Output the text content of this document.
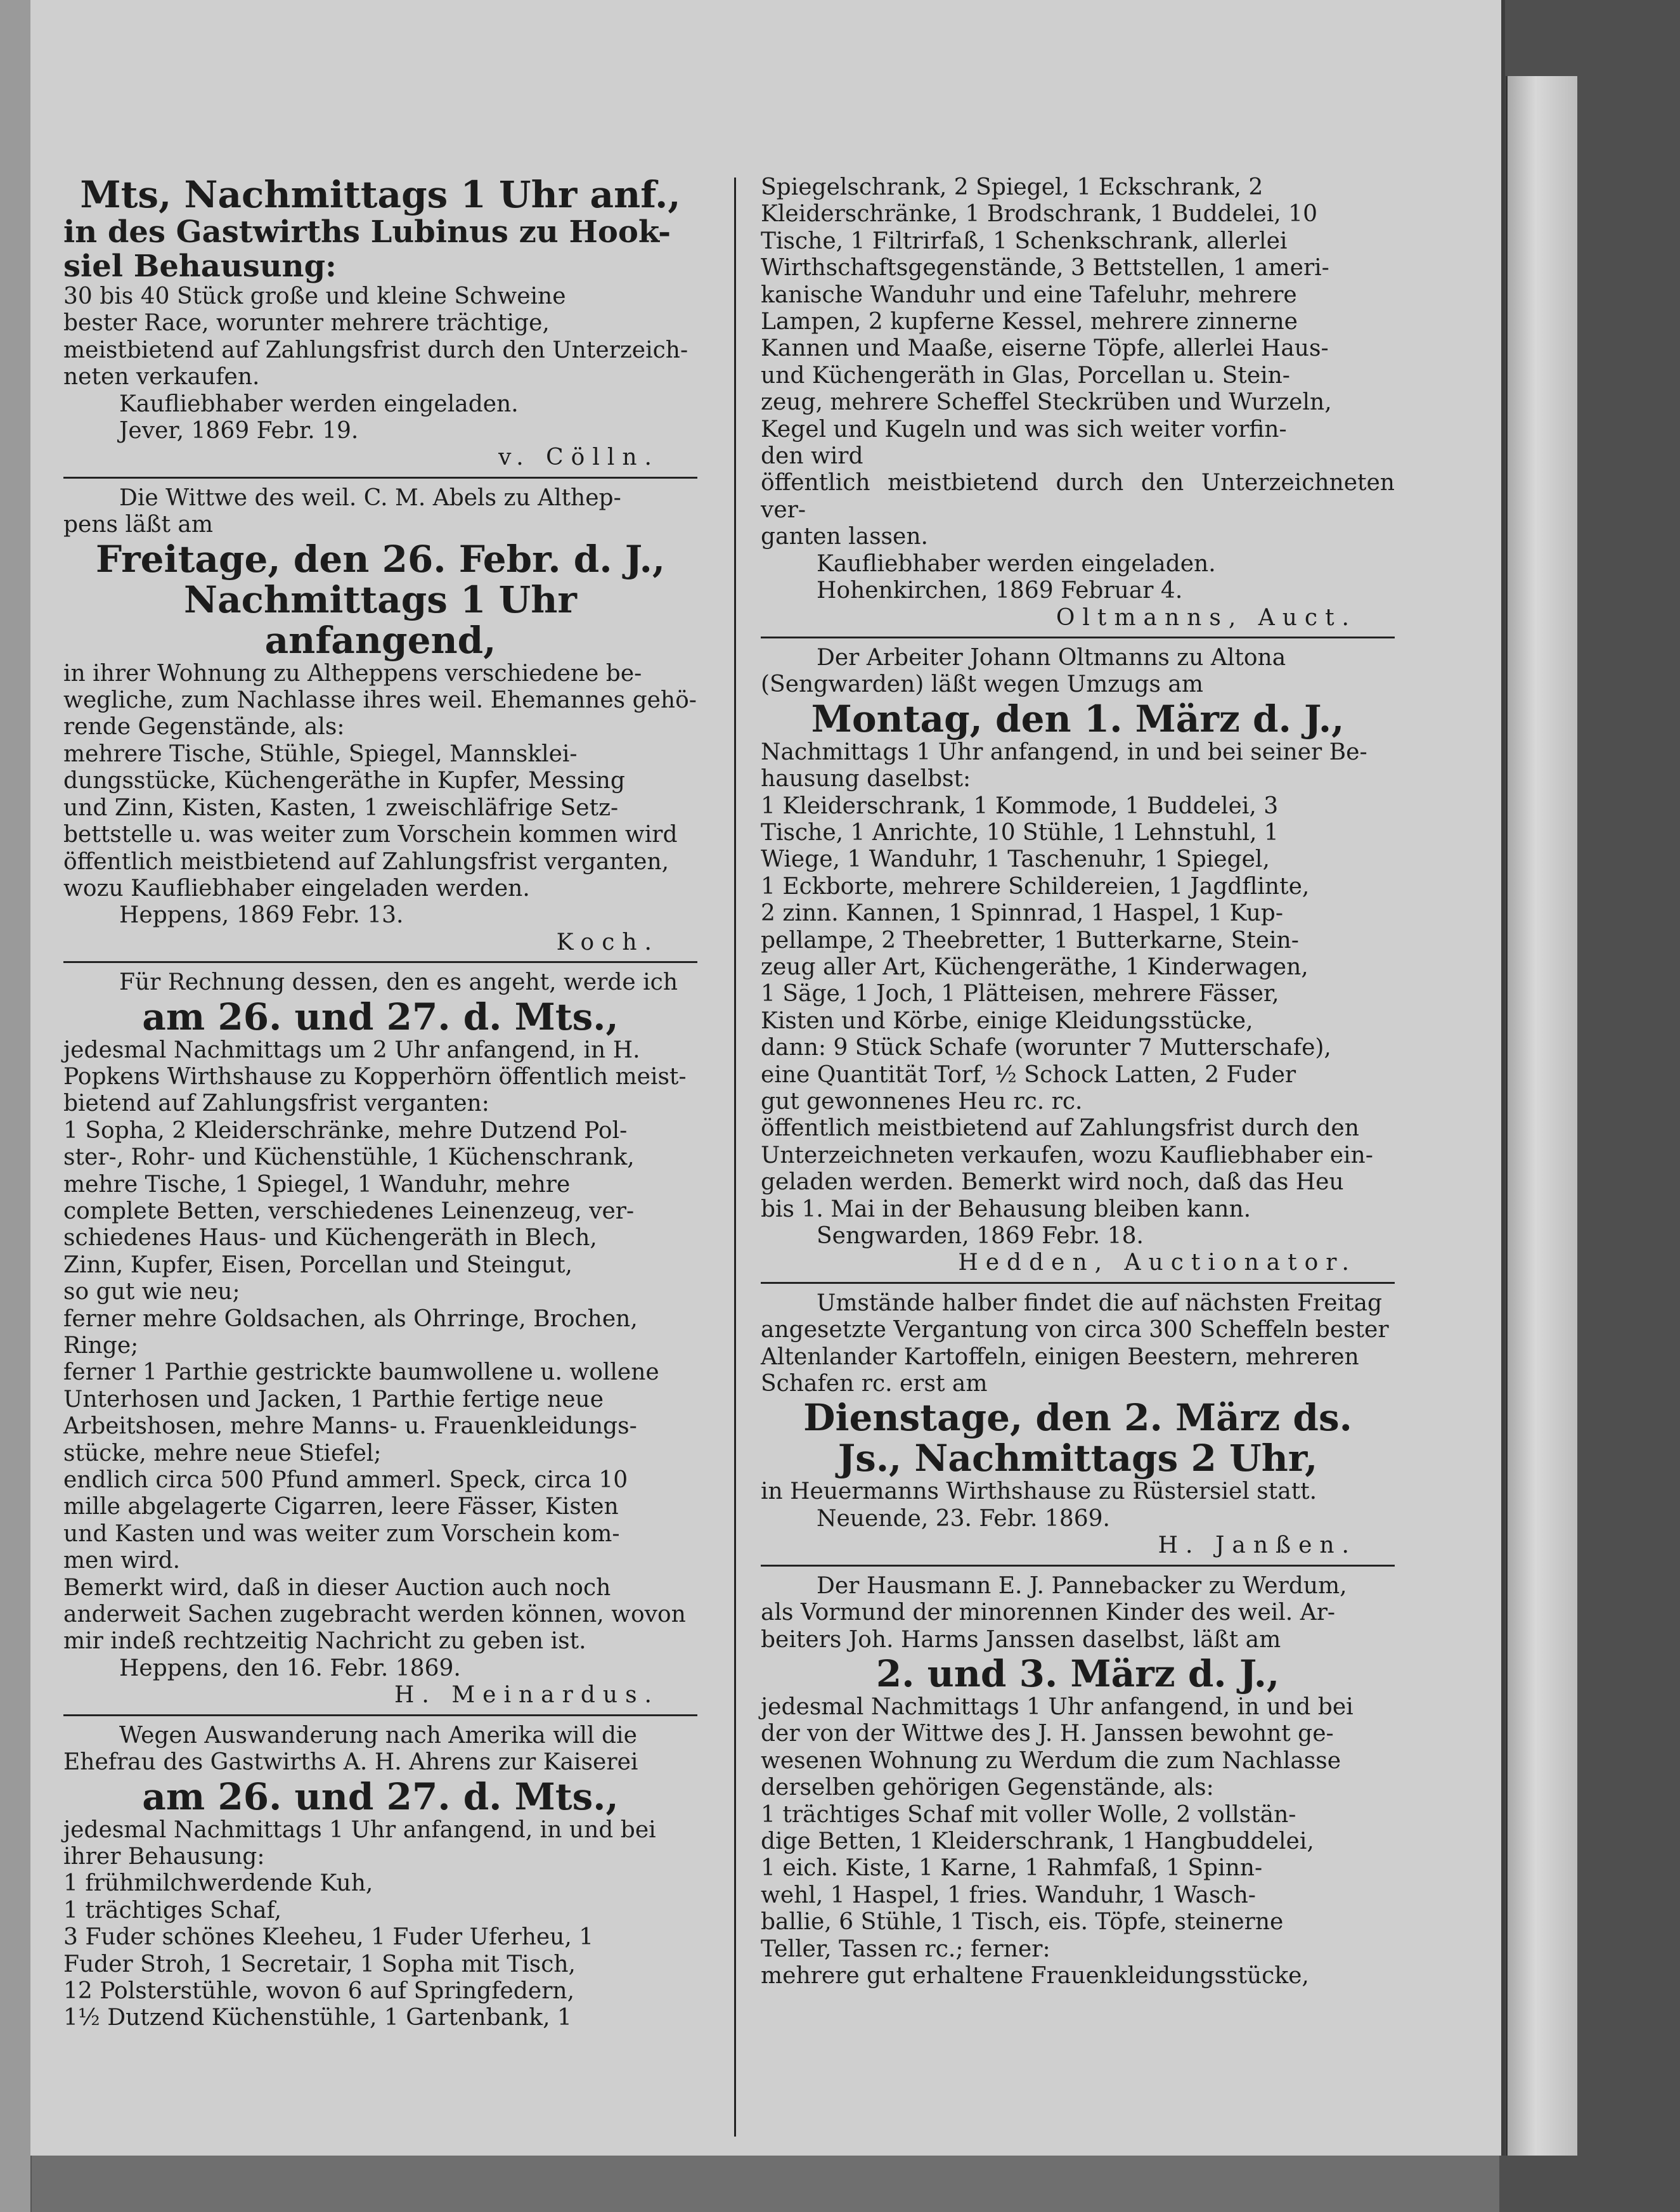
Mts, Nachmittags 1 Uhr anf.,

in des Gastwirths Lubinus zu Hook-

siel Behausung:

30 bis 40 Stück große und kleine Schweine

bester Race, worunter mehrere trächtige,

meistbietend auf Zahlungsfrist durch den Unterzeich-

neten verkaufen.

Kaufliebhaber werden eingeladen.

Jever, 1869 Febr. 19.

v. Cölln.

Die Wittwe des weil. C. M. Abels zu Althep-

pens läßt am

Freitage, den 26. Febr. d. J.,

Nachmittags 1 Uhr anfangend,

in ihrer Wohnung zu Altheppens verschiedene be-

wegliche, zum Nachlasse ihres weil. Ehemannes gehö-

rende Gegenstände, als:

mehrere Tische, Stühle, Spiegel, Mannsklei-

dungsstücke, Küchengeräthe in Kupfer, Messing

und Zinn, Kisten, Kasten, 1 zweischläfrige Setz-

bettstelle u. was weiter zum Vorschein kommen wird

öffentlich meistbietend auf Zahlungsfrist verganten,

wozu Kaufliebhaber eingeladen werden.

Heppens, 1869 Febr. 13.

Koch.

Für Rechnung dessen, den es angeht, werde ich

am 26. und 27. d. Mts.,

jedesmal Nachmittags um 2 Uhr anfangend, in H.

Popkens Wirthshause zu Kopperhörn öffentlich meist-

bietend auf Zahlungsfrist verganten:

1 Sopha, 2 Kleiderschränke, mehre Dutzend Pol-

ster-, Rohr- und Küchenstühle, 1 Küchenschrank,

mehre Tische, 1 Spiegel, 1 Wanduhr, mehre

complete Betten, verschiedenes Leinenzeug, ver-

schiedenes Haus- und Küchengeräth in Blech,

Zinn, Kupfer, Eisen, Porcellan und Steingut,

so gut wie neu;

ferner mehre Goldsachen, als Ohrringe, Brochen,

Ringe;

ferner 1 Parthie gestrickte baumwollene u. wollene

Unterhosen und Jacken, 1 Parthie fertige neue

Arbeitshosen, mehre Manns- u. Frauenkleidungs-

stücke, mehre neue Stiefel;

endlich circa 500 Pfund ammerl. Speck, circa 10

mille abgelagerte Cigarren, leere Fässer, Kisten

und Kasten und was weiter zum Vorschein kom-

men wird.

Bemerkt wird, daß in dieser Auction auch noch

anderweit Sachen zugebracht werden können, wovon

mir indeß rechtzeitig Nachricht zu geben ist.

Heppens, den 16. Febr. 1869.

H. Meinardus.

Wegen Auswanderung nach Amerika will die

Ehefrau des Gastwirths A. H. Ahrens zur Kaiserei

am 26. und 27. d. Mts.,

jedesmal Nachmittags 1 Uhr anfangend, in und bei

ihrer Behausung:

1 frühmilchwerdende Kuh,

1 trächtiges Schaf,

3 Fuder schönes Kleeheu, 1 Fuder Uferheu, 1

Fuder Stroh, 1 Secretair, 1 Sopha mit Tisch,

12 Polsterstühle, wovon 6 auf Springfedern,

1½ Dutzend Küchenstühle, 1 Gartenbank, 1

Spiegelschrank, 2 Spiegel, 1 Eckschrank, 2

Kleiderschränke, 1 Brodschrank, 1 Buddelei, 10

Tische, 1 Filtrirfaß, 1 Schenkschrank, allerlei

Wirthschaftsgegenstände, 3 Bettstellen, 1 ameri-

kanische Wanduhr und eine Tafeluhr, mehrere

Lampen, 2 kupferne Kessel, mehrere zinnerne

Kannen und Maaße, eiserne Töpfe, allerlei Haus-

und Küchengeräth in Glas, Porcellan u. Stein-

zeug, mehrere Scheffel Steckrüben und Wurzeln,

Kegel und Kugeln und was sich weiter vorfin-

den wird

öffentlich meistbietend durch den Unterzeichneten ver-

ganten lassen.

Kaufliebhaber werden eingeladen.

Hohenkirchen, 1869 Februar 4.

Oltmanns, Auct.

Der Arbeiter Johann Oltmanns zu Altona

(Sengwarden) läßt wegen Umzugs am

Montag, den 1. März d. J.,

Nachmittags 1 Uhr anfangend, in und bei seiner Be-

hausung daselbst:

1 Kleiderschrank, 1 Kommode, 1 Buddelei, 3

Tische, 1 Anrichte, 10 Stühle, 1 Lehnstuhl, 1

Wiege, 1 Wanduhr, 1 Taschenuhr, 1 Spiegel,

1 Eckborte, mehrere Schildereien, 1 Jagdflinte,

2 zinn. Kannen, 1 Spinnrad, 1 Haspel, 1 Kup-

pellampe, 2 Theebretter, 1 Butterkarne, Stein-

zeug aller Art, Küchengeräthe, 1 Kinderwagen,

1 Säge, 1 Joch, 1 Plätteisen, mehrere Fässer,

Kisten und Körbe, einige Kleidungsstücke,

dann: 9 Stück Schafe (worunter 7 Mutterschafe),

eine Quantität Torf, ½ Schock Latten, 2 Fuder

gut gewonnenes Heu rc. rc.

öffentlich meistbietend auf Zahlungsfrist durch den

Unterzeichneten verkaufen, wozu Kaufliebhaber ein-

geladen werden. Bemerkt wird noch, daß das Heu

bis 1. Mai in der Behausung bleiben kann.

Sengwarden, 1869 Febr. 18.

Hedden, Auctionator.

Umstände halber findet die auf nächsten Freitag

angesetzte Vergantung von circa 300 Scheffeln bester

Altenlander Kartoffeln, einigen Beestern, mehreren

Schafen rc. erst am

Dienstage, den 2. März ds.

Js., Nachmittags 2 Uhr,

in Heuermanns Wirthshause zu Rüstersiel statt.

Neuende, 23. Febr. 1869.

H. Janßen.

Der Hausmann E. J. Pannebacker zu Werdum,

als Vormund der minorennen Kinder des weil. Ar-

beiters Joh. Harms Janssen daselbst, läßt am

2. und 3. März d. J.,

jedesmal Nachmittags 1 Uhr anfangend, in und bei

der von der Wittwe des J. H. Janssen bewohnt ge-

wesenen Wohnung zu Werdum die zum Nachlasse

derselben gehörigen Gegenstände, als:

1 trächtiges Schaf mit voller Wolle, 2 vollstän-

dige Betten, 1 Kleiderschrank, 1 Hangbuddelei,

1 eich. Kiste, 1 Karne, 1 Rahmfaß, 1 Spinn-

wehl, 1 Haspel, 1 fries. Wanduhr, 1 Wasch-

ballie, 6 Stühle, 1 Tisch, eis. Töpfe, steinerne

Teller, Tassen rc.; ferner:

mehrere gut erhaltene Frauenkleidungsstücke,
